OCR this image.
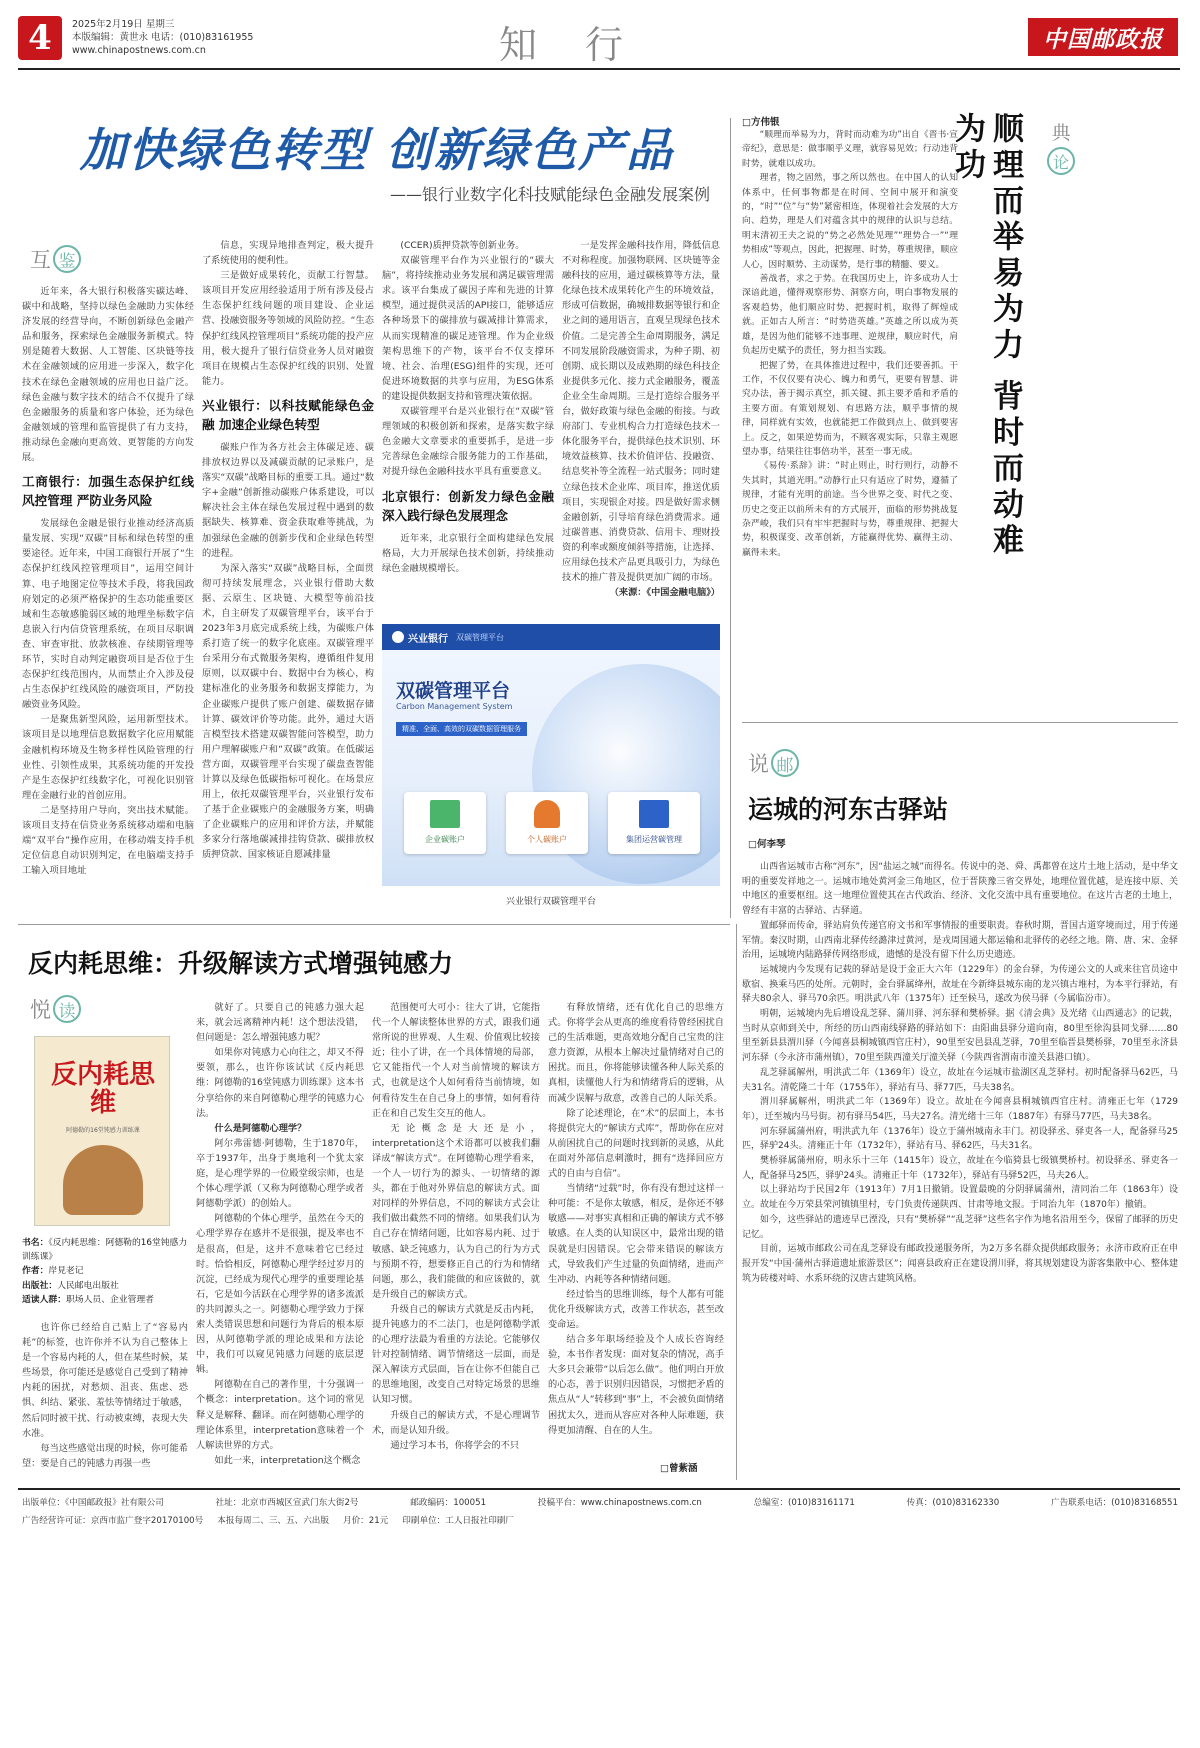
4 2025年2月19日 星期三
本版编辑：黄世永 电话：(010)83161955
www.chinapostnews.com.cn	知 行	中国邮政报
加快绿色转型 创新绿色产品
——银行业数字化科技赋能绿色金融发展案例
互 鉴

近年来，各大银行积极落实碳达峰、碳中和战略，坚持以绿色金融助力实体经济发展的经营导向，不断创新绿色金融产品和服务，探索绿色金融服务新模式。特别是随着大数据、人工智能、区块链等技术在金融领域的应用进一步深入，数字化技术在绿色金融领域的应用也日益广泛。绿色金融与数字技术的结合不仅提升了绿色金融服务的质量和客户体验，还为绿色金融领域的管理和监管提供了有力支持，推动绿色金融向更高效、更智能的方向发展。

工商银行：加强生态保护红线风控管理 严防业务风险

发展绿色金融是银行业推动经济高质量发展、实现“双碳”目标和绿色转型的重要途径。近年来，中国工商银行开展了“生态保护红线风控管理项目”，运用空间计算、电子地图定位等技术手段，将我国政府划定的必须严格保护的生态功能重要区域和生态敏感脆弱区域的地理坐标数字信息嵌入行内信贷管理系统，在项目尽职调查、审查审批、放款核准、存续期管理等环节，实时自动判定融资项目是否位于生态保护红线范围内，从而禁止介入涉及侵占生态保护红线风险的融资项目，严防投融资业务风险。

一是聚焦新型风险，运用新型技术。该项目是以地理信息数据数字化应用赋能金融机构环境及生物多样性风险管理的行业性、引领性成果，其系统功能的开发投产是生态保护红线数字化，可视化识别管理在金融行业的首创应用。

二是坚持用户导向，突出技术赋能。该项目支持在信贷业务系统移动端和电脑端“双平台”操作应用，在移动端支持手机定位信息自动识别判定，在电脑端支持手工输入项目地址

信息，实现异地排查判定，极大提升了系统使用的便利性。

三是做好成果转化，贡献工行智慧。该项目开发应用经验适用于所有涉及侵占生态保护红线问题的项目建设、企业运营、投融资服务等领域的风险防控。“生态保护红线风控管理项目”系统功能的投产应用，极大提升了银行信贷业务人员对融资项目在规模占生态保护红线的识别、处置能力。

兴业银行：以科技赋能绿色金融 加速企业绿色转型

碳账户作为各方社会主体碳足迹、碳排放权边界以及减碳贡献的记录账户，是落实“双碳”战略目标的重要工具。通过“数字+金融”创新推动碳账户体系建设，可以解决社会主体在绿色发展过程中遇到的数据缺失、核算难、资金获取难等挑战，为加强绿色金融的创新步伐和企业绿色转型的进程。

为深入落实“双碳”战略目标，全面贯彻可持续发展理念，兴业银行借助大数据、云原生、区块链、大模型等前沿技术，自主研发了双碳管理平台，该平台于2023年3月底完成系统上线，为碳账户体系打造了统一的数字化底座。双碳管理平台采用分布式微服务架构，遵循组件复用原则，以双碳中台、数据中台为核心，构建标准化的业务服务和数据支撑能力，为企业碳账户提供了账户创建、碳数据存储计算、碳效评价等功能。此外，通过大语言模型技术搭建双碳智能问答模型，助力用户理解碳账户和“双碳”政策。在低碳运营方面，双碳管理平台实现了碳盘查智能计算以及绿色低碳指标可视化。在场景应用上，依托双碳管理平台，兴业银行发布了基于企业碳账户的金融服务方案，明确了企业碳账户的应用和评价方法，并赋能多家分行落地碳减排挂钩贷款、碳排放权质押贷款、国家核证自愿减排量

(CCER)质押贷款等创新业务。

双碳管理平台作为兴业银行的“碳大脑”，将持续推动业务发展和满足碳管理需求。该平台集成了碳因子库和先进的计算模型，通过提供灵活的API接口，能够适应各种场景下的碳排放与碳减排计算需求，从而实现精准的碳足迹管理。作为企业级架构思维下的产物，该平台不仅支撑环境、社会、治理(ESG)组件的实现，还可促进环境数据的共享与应用，为ESG体系的建设提供数据支持和管理决策依据。

双碳管理平台是兴业银行在“双碳”管理领域的积极创新和探索，是落实数字绿色金融大文章要求的重要抓手，是进一步完善绿色金融综合服务能力的工作基础，对提升绿色金融科技水平具有重要意义。

北京银行：创新发力绿色金融 深入践行绿色发展理念

近年来，北京银行全面构建绿色发展格局，大力开展绿色技术创新，持续推动绿色金融规模增长。

一是发挥金融科技作用，降低信息不对称程度。加强物联网、区块链等金融科技的应用，通过碳核算等方法，量化绿色技术成果转化产生的环境效益，形成可信数据，确城排数据等银行和企业之间的通用语言，直观呈现绿色技术价值。二是完善全生命周期服务，满足不同发展阶段融资需求，为种子期、初创期、成长期以及成熟期的绿色科技企业提供多元化、接力式金融服务，覆盖企业全生命周期。三是打造综合服务平台，做好政策与绿色金融的衔接。与政府部门、专业机构合力打造绿色技术一体化服务平台，提供绿色技术识别、环境效益核算、技术价值评估、投融资、结息奖补等全流程一站式服务；同时建立绿色技术企业库、项目库，推送优质项目，实现银企对接。四是做好需求侧金融创新，引导培育绿色消费需求。通过碳普惠、消费贷款、信用卡、理财投资的利率或额度倾斜等措施，让选择、应用绿色技术产品更具吸引力，为绿色技术的推广普及提供更加广阔的市场。

（来源：《中国金融电脑》）

兴业银行 双碳管理平台
双碳管理平台
Carbon Management System
精准、全面、高效的双碳数据管理服务
企业碳账户	个人碳账户	集团运营碳管理
兴业银行双碳管理平台
□方伟银

“顺理而举易为力，背时而动难为功”出自《晋书·宣帝纪》，意思是：做事顺乎义理，就容易见效；行动违背时势，就难以成功。

理者，物之固然，事之所以然也。在中国人的认知体系中，任何事物都是在时间、空间中展开和演变的，“时”“位”与“势”紧密相连，体现着社会发展的大方向、趋势，理是人们对蕴含其中的规律的认识与总结。明末清初王夫之说的“势之必然处见理”“理势合一”“理势相成”等观点，因此，把握理、时势，尊重规律，顺应人心，因时顺势、主动谋势，是行事的精髓、要义。

善战者，求之于势。在我国历史上，许多成功人士深谙此道，懂得观察形势、洞察方向，明白事物发展的客观趋势，他们顺应时势、把握时机，取得了辉煌成就。正如古人所言：“时势造英雄。”英雄之所以成为英雄，是因为他们能够不违事理、逆规律，顺应时代，肩负起历史赋予的责任，努力担当实践。

把握了势，在具体推进过程中，我们还要善抓。干工作，不仅仅要有决心、魄力和勇气，更要有智慧、讲究办法，善于揭示真空，抓关键、抓主要矛盾和矛盾的主要方面。有策划规划、有思路方法，顺乎事情的规律，同样就有实效，也就能把工作做到点上、做到要害上。反之，如果逆势而为，不顾客观实际，只靠主观愿望办事，结果往往事倍功半，甚至一事无成。

《易传·系辞》讲：“时止则止，时行则行，动静不失其时，其道光明。”动静行止只有适应了时势，遵循了规律，才能有光明的前途。当今世界之变、时代之变、历史之变正以前所未有的方式展开，面临的形势挑战复杂严峻，我们只有牢牢把握时与势，尊重规律、把握大势，积极谋变、改革创新，方能赢得优势、赢得主动、赢得未来。	顺理而举易为力 背时而动难为功	典
论
说 邮
运城的河东古驿站
□何李琴

山西省运城市古称“河东”，因“盐运之城”而得名。传说中的尧、舜、禹都曾在这片土地上活动，是中华文明的重要发祥地之一。运城市地处黄河金三角地区，位于晋陕豫三省交界处，地理位置优越，是连接中原、关中地区的重要枢纽。这一地理位置使其在古代政治、经济、文化交流中具有重要地位。在这片古老的土地上，曾经有丰富的古驿站、古驿道。

置邮驿而传命，驿站肩负传递官府文书和军事情报的重要职责。春秋时期，晋国古道穿境而过，用于传递军情。秦汉时期，山西南北驿传经潞津过黄河，是戎周国通大都运输和北驿传的必经之地。隋、唐、宋、金驿治用，运城境内陆路驿传网络形成，遗憾的是没有留下什么历史遗迹。

运城境内今发现有记载的驿站是设于金正大六年（1229年）的金台驿，为传递公文的人或来往官员途中歇宿、换乘马匹的处所。元朝时，金台驿属绛州，故址在今新绛县城东南的龙兴镇古堆村，为本平行驿站，有驿夫80余人、驿马70余匹。明洪武八年（1375年）迁至候马，遂改为侯马驿（今属临汾市）。

明朝，运城境内先后增设乱芝驿、蒲川驿、河东驿和樊桥驿。据《清会典》及光绪《山西通志》的记载，当时从京师到关中，所经的历山西南线驿路的驿站如下：由阳曲县驿分道向南，80里至徐沟县同戈驿……80里至新县县渭川驿（今闻喜县桐城镇西官庄村），90里至安邑县乱芝驿，70里至临晋县樊桥驿，70里至永济县河东驿（今永济市蒲州镇），70里至陕西潼关厅潼关驿（今陕西省渭南市潼关县港口镇）。

乱芝驿属解州，明洪武二年（1369年）设立，故址在今运城市盐湖区乱芝驿村。初时配备驿马62匹，马夫31名。清乾隆二十年（1755年），驿站有马、驿77匹，马夫38名。

渭川驿属解州，明洪武二年（1369年）设立。故址在今闻喜县桐城镇西官庄村。清雍正七年（1729年），迁至城内马号街。初有驿马54匹，马夫27名。清光绪十三年（1887年）有驿马77匹，马夫38名。

河东驿属蒲州府，明洪武九年（1376年）设立于蒲州城南永丰门。初设驿丞、驿吏各一人，配备驿马25匹，驿驴24头。清雍正十年（1732年），驿站有马、驿62匹，马夫31名。

樊桥驿属蒲州府，明永乐十三年（1415年）设立，故址在今临猗县七级镇樊桥村。初设驿丞、驿吏各一人，配备驿马25匹，驿驴24头。清雍正十年（1732年），驿站有马驿52匹，马夫26人。

以上驿站均于民国2年（1913年）7月1日撤销。设置最晚的分阴驿属蒲州，清同治二年（1863年）设立。故址在今万荣县荣河镇镇里村，专门负责传递陕西、甘肃等地文报。于同治九年（1870年）撤销。

如今，这些驿站的遗迹早已湮没，只有“樊桥驿”“乱芝驿”这些名字作为地名沿用至今，保留了邮驿的历史记忆。

目前，运城市邮政公司在乱芝驿设有邮政投递服务所，为2万多名群众提供邮政服务；永济市政府正在申报开发“中国·蒲州古驿道遗址旅游景区”；闻喜县政府正在建设渭川驿，将其规划建设为游客集散中心、整体建筑为砖楼对峙、水系环绕的汉唐古建筑风格。

反内耗思维：升级解读方式增强钝感力
悦 读
反内耗思维
阿德勒的16堂钝感力训练课
书名：《反内耗思维：阿德勒的16堂钝感力训练课》
作者：岸見老记
出版社：人民邮电出版社
适读人群：职场人员、企业管理者

也许你已经给自己贴上了“容易内耗”的标签，也许你并不认为自己整体上是一个容易内耗的人，但在某些时候，某些场景，你可能还是感觉自己受到了精神内耗的困扰，对愁烦、沮丧、焦虑、恐惧、纠结、紧张、羞怯等情绪过于敏感，然后同时被干扰、行动被束缚，表现大失水准。

每当这些感觉出现的时候，你可能希望：要是自己的钝感力再强一些

就好了。只要自己的钝感力强大起来，就会远离精神内耗！这个想法没错，但问题是：怎么增强钝感力呢？

如果你对钝感力心向往之，却又不得要领，那么，也许你该试试《反内耗思维：阿德勒的16堂钝感力训练课》这本书分享给你的来自阿德勒心理学的钝感力心法。

什么是阿德勒心理学？

阿尔弗雷德·阿德勒，生于1870年，卒于1937年，出身于奥地利一个犹太家庭，是心理学界的一位殿堂级宗师，也是个体心理学派（又称为阿德勒心理学或者阿德勒学派）的创始人。

阿德勒的个体心理学，虽然在今天的心理学界存在感并不是很强，提及率也不是很高，但是，这并不意味着它已经过时。恰恰相反，阿德勒心理学经过岁月的沉淀，已经成为现代心理学的重要理论基石，它是如今活跃在心理学界的诸多流派的共同源头之一。阿德勒心理学致力于探索人类错误思想和问题行为背后的根本原因，从阿德勒学派的理论成果和方法论中，我们可以窥见钝感力问题的底层逻辑。

阿德勒在自己的著作里，十分强调一个概念：interpretation。这个词的常见释义是解释、翻译。而在阿德勒心理学的理论体系里，interpretation意味着一个人解读世界的方式。

如此一来，interpretation这个概念

范围便可大可小：往大了讲，它能指代一个人解读整体世界的方式，跟我们通常所说的世界观、人生观、价值观比较接近；往小了讲，在一个具体情境的局部，它又能指代一个人对当前情境的解读方式，也就是这个人如何看待当前情境，如何看待发生在自己身上的事情，如何看待正在和自己发生交互的他人。

无论概念是大还是小，interpretation这个术语都可以被我们翻译成“解读方式”。在阿德勒心理学看来，一个人一切行为的源头、一切情绪的源头，都在于他对外界信息的解读方式。面对同样的外界信息，不同的解读方式会让我们做出截然不同的情绪。如果我们认为自己存在情绪问题，比如容易内耗、过于敏感、缺乏钝感力，认为自己的行为方式与预期不符，想要修正自己的行为和情绪问题，那么，我们能做的和应该做的，就是升级自己的解读方式。

升级自己的解读方式就是反击内耗，提升钝感力的不二法门，也是阿德勒学派的心理疗法最为看重的方法论。它能够仅针对控制情绪、调节情绪这一层面，而是深入解读方式层面，旨在让你不但能自己的思维地图，改变自己对特定场景的思维认知习惯。

升级自己的解读方式，不是心理调节术，而是认知升级。

通过学习本书，你将学会的不只

有释放情绪，还有优化自己的思维方式。你将学会从更高的维度看待曾经困扰自己的生活难题，更高效地分配自己宝贵的注意力资源，从根本上解决过量情绪对自己的困扰。而且，你将能够读懂各种人际关系的真相，读懂他人行为和情绪背后的逻辑，从而减少误解与敌意，改善自己的人际关系。

除了论述理论，在“术”的层面上，本书将提供完大的“解读方式库”，帮助你在应对从前困扰自己的问题时找到新的灵感，从此在面对外部信息刺激时，拥有“选择回应方式的自由与自信”。

当情绪“过载”时，你有没有想过这样一种可能：不是你太敏感，相反，是你还不够敏感——对事实真相和正确的解读方式不够敏感。在人类的认知误区中，最常出现的错误就是归因错误。它会带来错误的解读方式，导致我们产生过量的负面情绪，进而产生冲动、内耗等各种情绪问题。

经过恰当的思维训练，每个人都有可能优化升级解读方式，改善工作状态，甚至改变命运。

结合多年职场经验及个人成长咨询经验，本书作者发现：面对复杂的情况，高手大多只会兼带“以后怎么做”。他们明白开放的心态，善于识别归因错误，习惯把矛盾的焦点从“人”转移到“事”上，不会被负面情绪困扰太久，进而从容应对各种人际难题，获得更加清醒、自在的人生。

□曾紫涵
出版单位：《中国邮政报》社有限公司	社址：北京市西城区宣武门东大街2号	邮政编码：100051	投稿平台：www.chinapostnews.com.cn	总编室：(010)83161171	传真：(010)83162330	广告联系电话：(010)83168551
广告经营许可证：京西市监广登字20170100号 本报每周二、三、五、六出版 月价：21元 印刷单位：工人日报社印刷厂
